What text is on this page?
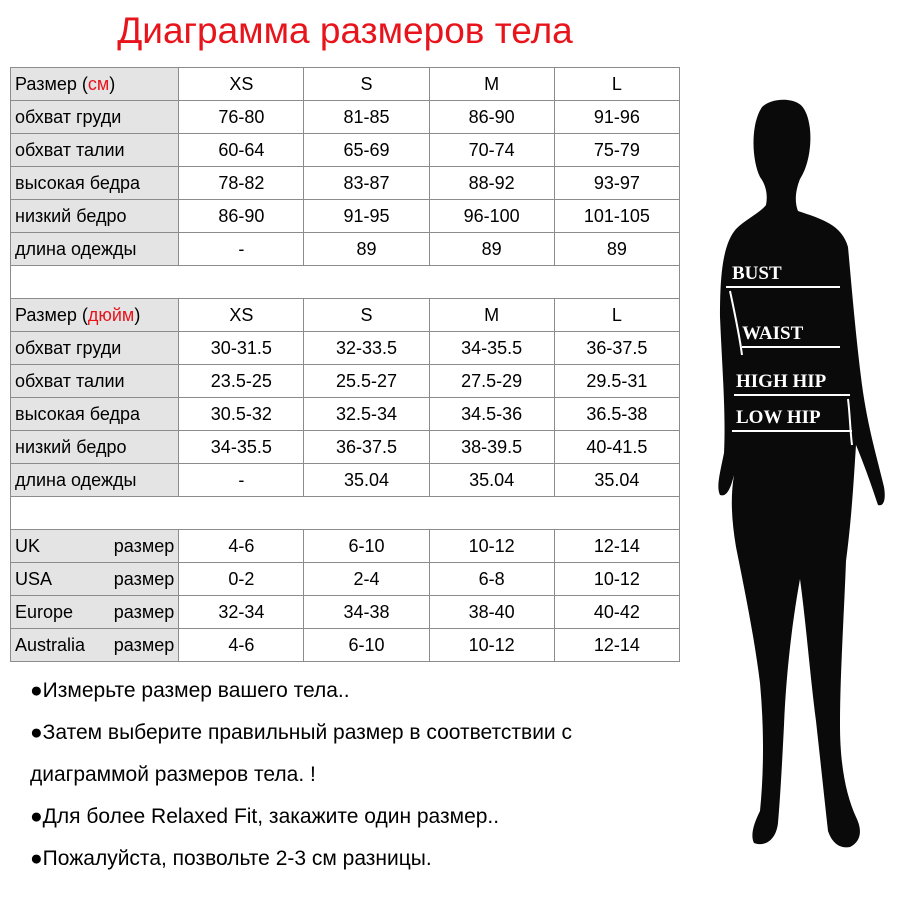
Диаграмма размеров тела
Размер (см)	XS	S	M	L
обхват груди	76-80	81-85	86-90	91-96
обхват талии	60-64	65-69	70-74	75-79
высокая бедра	78-82	83-87	88-92	93-97
низкий бедро	86-90	91-95	96-100	101-105
длина одежды	-	89	89	89

Размер (дюйм)	XS	S	M	L
обхват груди	30-31.5	32-33.5	34-35.5	36-37.5
обхват талии	23.5-25	25.5-27	27.5-29	29.5-31
высокая бедра	30.5-32	32.5-34	34.5-36	36.5-38
низкий бедро	34-35.5	36-37.5	38-39.5	40-41.5
длина одежды	-	35.04	35.04	35.04

UK размер	4-6	6-10	10-12	12-14

USA размер	0-2	2-4	6-8	10-12

Europe размер	32-34	34-38	38-40	40-42

Australia размер	4-6	6-10	10-12	12-14
●Измерьте размер вашего тела..
●Затем выберите правильный размер в соответствии с
диаграммой размеров тела. !
●Для более Relaxed Fit, закажите один размер..
●Пожалуйста, позвольте 2-3 см разницы.
BUST
WAIST
HIGH HIP
LOW HIP
